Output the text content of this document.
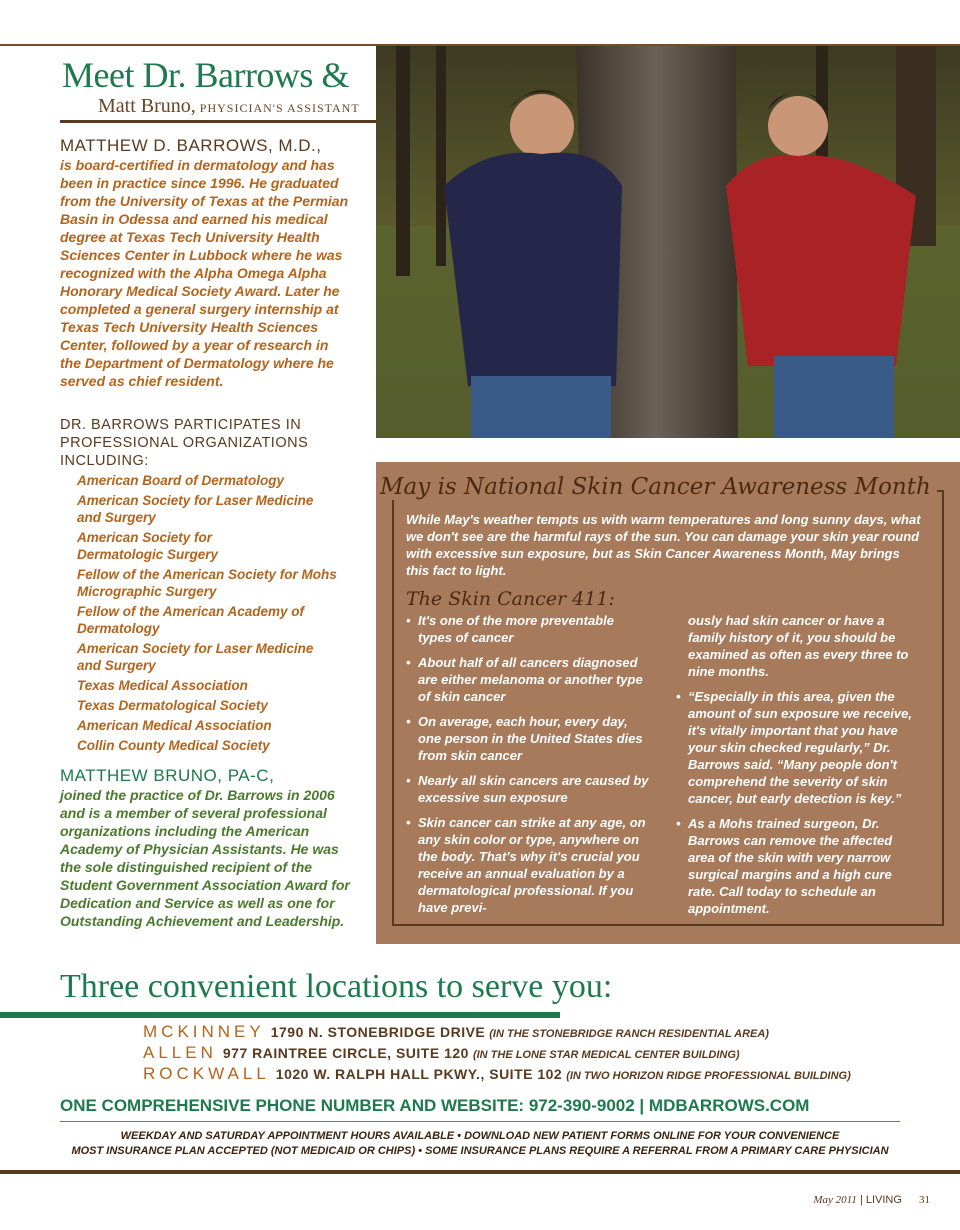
Meet Dr. Barrows &
Matt Bruno, PHYSICIAN'S ASSISTANT
MATTHEW D. BARROWS, M.D.,
is board-certified in dermatology and has been in practice since 1996. He graduated from the University of Texas at the Permian Basin in Odessa and earned his medical degree at Texas Tech University Health Sciences Center in Lubbock where he was recognized with the Alpha Omega Alpha Honorary Medical Society Award. Later he completed a general surgery internship at Texas Tech University Health Sciences Center, followed by a year of research in the Department of Dermatology where he served as chief resident.
DR. BARROWS PARTICIPATES IN
PROFESSIONAL ORGANIZATIONS
INCLUDING:
American Board of Dermatology
American Society for Laser Medicine and Surgery
American Society for Dermatologic Surgery
Fellow of the American Society for Mohs Micrographic Surgery
Fellow of the American Academy of Dermatology
American Society for Laser Medicine and Surgery
Texas Medical Association
Texas Dermatological Society
American Medical Association
Collin County Medical Society
MATTHEW BRUNO, PA-C,
joined the practice of Dr. Barrows in 2006 and is a member of several professional organizations including the American Academy of Physician Assistants. He was the sole distinguished recipient of the Student Government Association Award for Dedication and Service as well as one for Outstanding Achievement and Leadership.
May is National Skin Cancer Awareness Month
While May's weather tempts us with warm temperatures and long sunny days, what we don't see are the harmful rays of the sun. You can damage your skin year round with excessive sun exposure, but as Skin Cancer Awareness Month, May brings this fact to light.
The Skin Cancer 411:
• It's one of the more preventable types of cancer
• About half of all cancers diagnosed are either melanoma or another type of skin cancer
• On average, each hour, every day, one person in the United States dies from skin cancer
• Nearly all skin cancers are caused by excessive sun exposure
• Skin cancer can strike at any age, on any skin color or type, anywhere on the body. That's why it's crucial you receive an annual evaluation by a dermatological professional. If you have previ-
ously had skin cancer or have a family history of it, you should be examined as often as every three to nine months.
• “Especially in this area, given the amount of sun exposure we receive, it's vitally important that you have your skin checked regularly,” Dr. Barrows said. “Many people don't comprehend the severity of skin cancer, but early detection is key.”
• As a Mohs trained surgeon, Dr. Barrows can remove the affected area of the skin with very narrow surgical margins and a high cure rate. Call today to schedule an appointment.
Three convenient locations to serve you:
MCKINNEY 1790 N. STONEBRIDGE DRIVE (IN THE STONEBRIDGE RANCH RESIDENTIAL AREA)
ALLEN 977 RAINTREE CIRCLE, SUITE 120 (IN THE LONE STAR MEDICAL CENTER BUILDING)
ROCKWALL 1020 W. RALPH HALL PKWY., SUITE 102 (IN TWO HORIZON RIDGE PROFESSIONAL BUILDING)
ONE COMPREHENSIVE PHONE NUMBER AND WEBSITE: 972-390-9002 | MDBARROWS.COM
WEEKDAY AND SATURDAY APPOINTMENT HOURS AVAILABLE • DOWNLOAD NEW PATIENT FORMS ONLINE FOR YOUR CONVENIENCE
MOST INSURANCE PLAN ACCEPTED (NOT MEDICAID OR CHIPS) • SOME INSURANCE PLANS REQUIRE A REFERRAL FROM A PRIMARY CARE PHYSICIAN
May 2011 | LIVING 31
